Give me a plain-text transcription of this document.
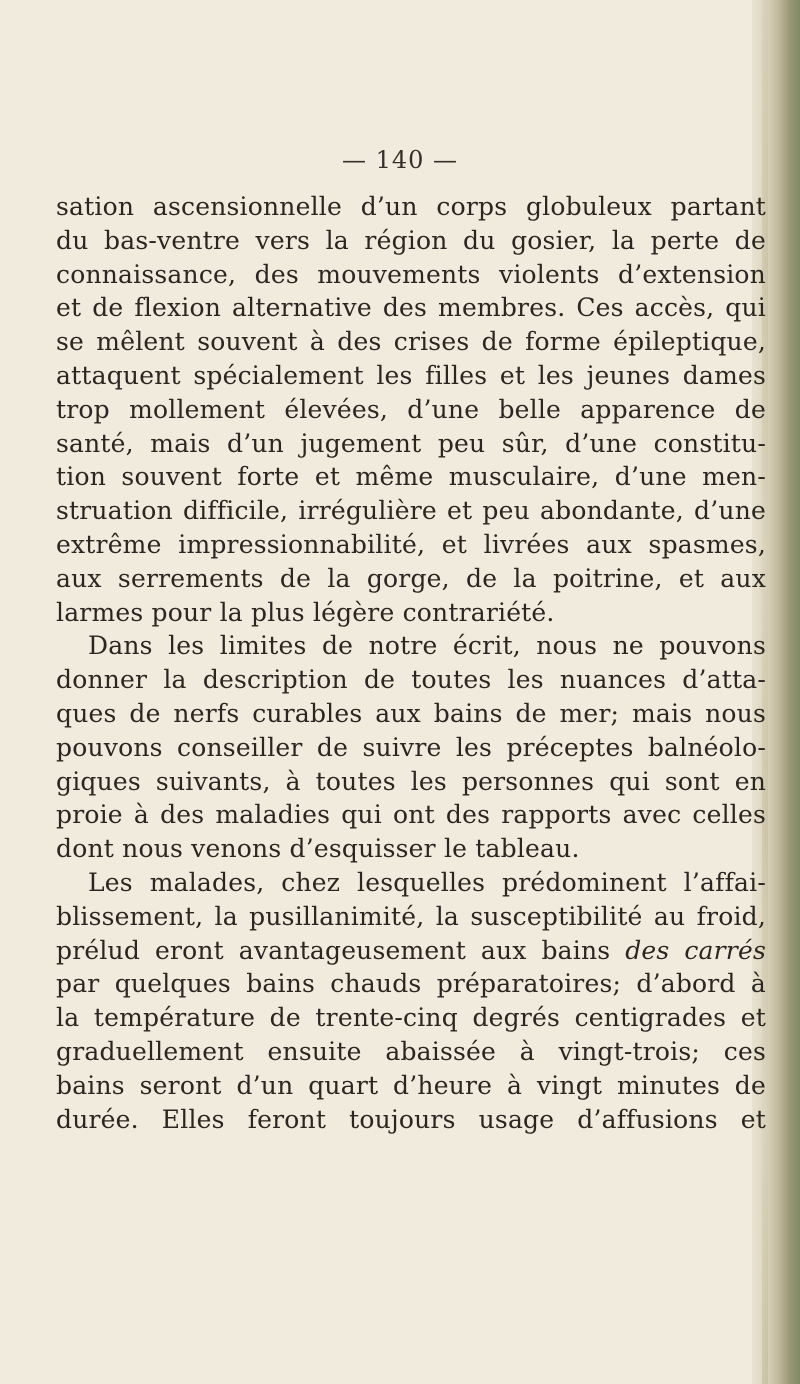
— 140 —
sation ascensionnelle d’un corps globuleux partant
du bas-ventre vers la région du gosier, la perte de
connaissance, des mouvements violents d’extension
et de flexion alternative des membres. Ces accès, qui
se mêlent souvent à des crises de forme épileptique,
attaquent spécialement les filles et les jeunes dames
trop mollement élevées, d’une belle apparence de
santé, mais d’un jugement peu sûr, d’une constitu-
tion souvent forte et même musculaire, d’une men-
struation difficile, irrégulière et peu abondante, d’une
extrême impressionnabilité, et livrées aux spasmes,
aux serrements de la gorge, de la poitrine, et aux
larmes pour la plus légère contrariété.
Dans les limites de notre écrit, nous ne pouvons
donner la description de toutes les nuances d’atta-
ques de nerfs curables aux bains de mer; mais nous
pouvons conseiller de suivre les préceptes balnéolo-
giques suivants, à toutes les personnes qui sont en
proie à des maladies qui ont des rapports avec celles
dont nous venons d’esquisser le tableau.
Les malades, chez lesquelles prédominent l’affai-
blissement, la pusillanimité, la susceptibilité au froid,
prélud eront avantageusement aux bains des carrés
par quelques bains chauds préparatoires; d’abord à
la température de trente-cinq degrés centigrades et
graduellement ensuite abaissée à vingt-trois; ces
bains seront d’un quart d’heure à vingt minutes de
durée. Elles feront toujours usage d’affusions et
